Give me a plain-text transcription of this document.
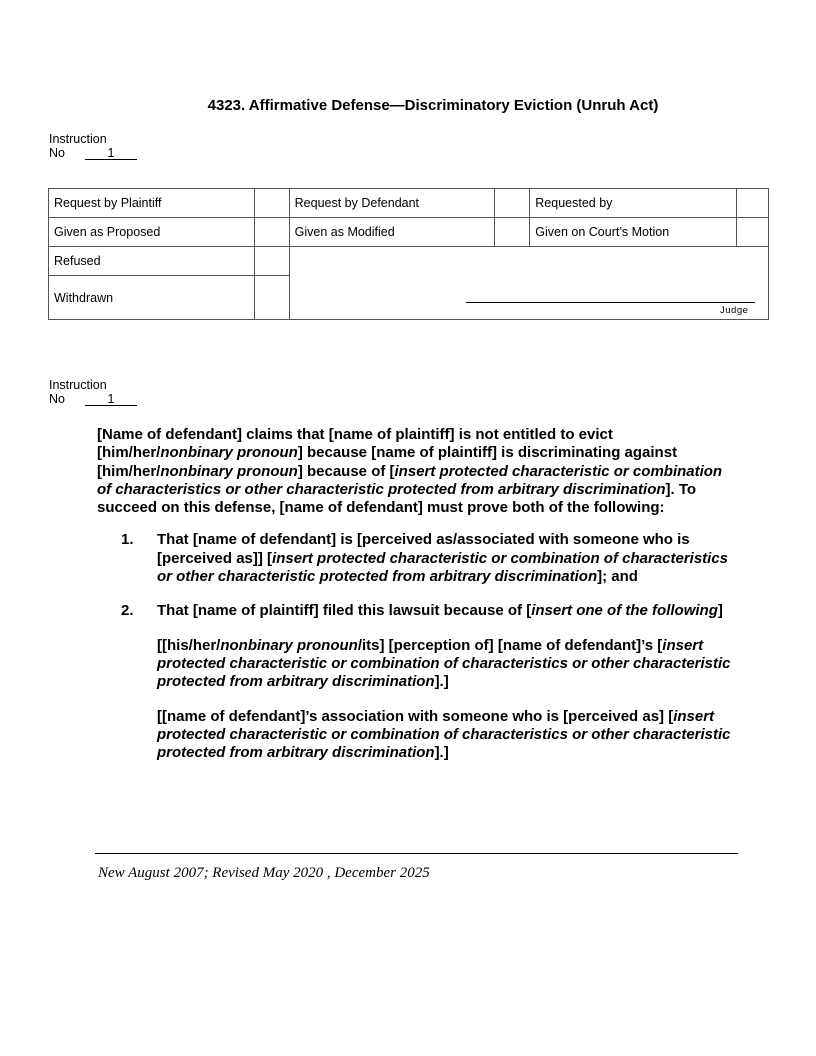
4323. Affirmative Defense—Discriminatory Eviction (Unruh Act)
Instruction
No	1
Request by Plaintiff		Request by Defendant		Requested by	
Given as Proposed		Given as Modified		Given on Court’s Motion	
Refused					
Withdrawn					
Judge
Instruction
No	1

[Name of defendant] claims that [name of plaintiff] is not entitled to evict [him/her/nonbinary pronoun] because [name of plaintiff] is discriminating against [him/her/nonbinary pronoun] because of [insert protected characteristic or combination of characteristics or other characteristic protected from arbitrary discrimination]. To succeed on this defense, [name of defendant] must prove both of the following:

1. That [name of defendant] is [perceived as/associated with someone who is [perceived as]] [insert protected characteristic or combination of characteristics or other characteristic protected from arbitrary discrimination]; and

2. That [name of plaintiff] filed this lawsuit because of [insert one of the following]

[[his/her/nonbinary pronoun/its] [perception of] [name of defendant]’s [insert protected characteristic or combination of characteristics or other characteristic protected from arbitrary discrimination].]

[[name of defendant]’s association with someone who is [perceived as] [insert protected characteristic or combination of characteristics or other characteristic protected from arbitrary discrimination].]

New August 2007; Revised May 2020 , December 2025
